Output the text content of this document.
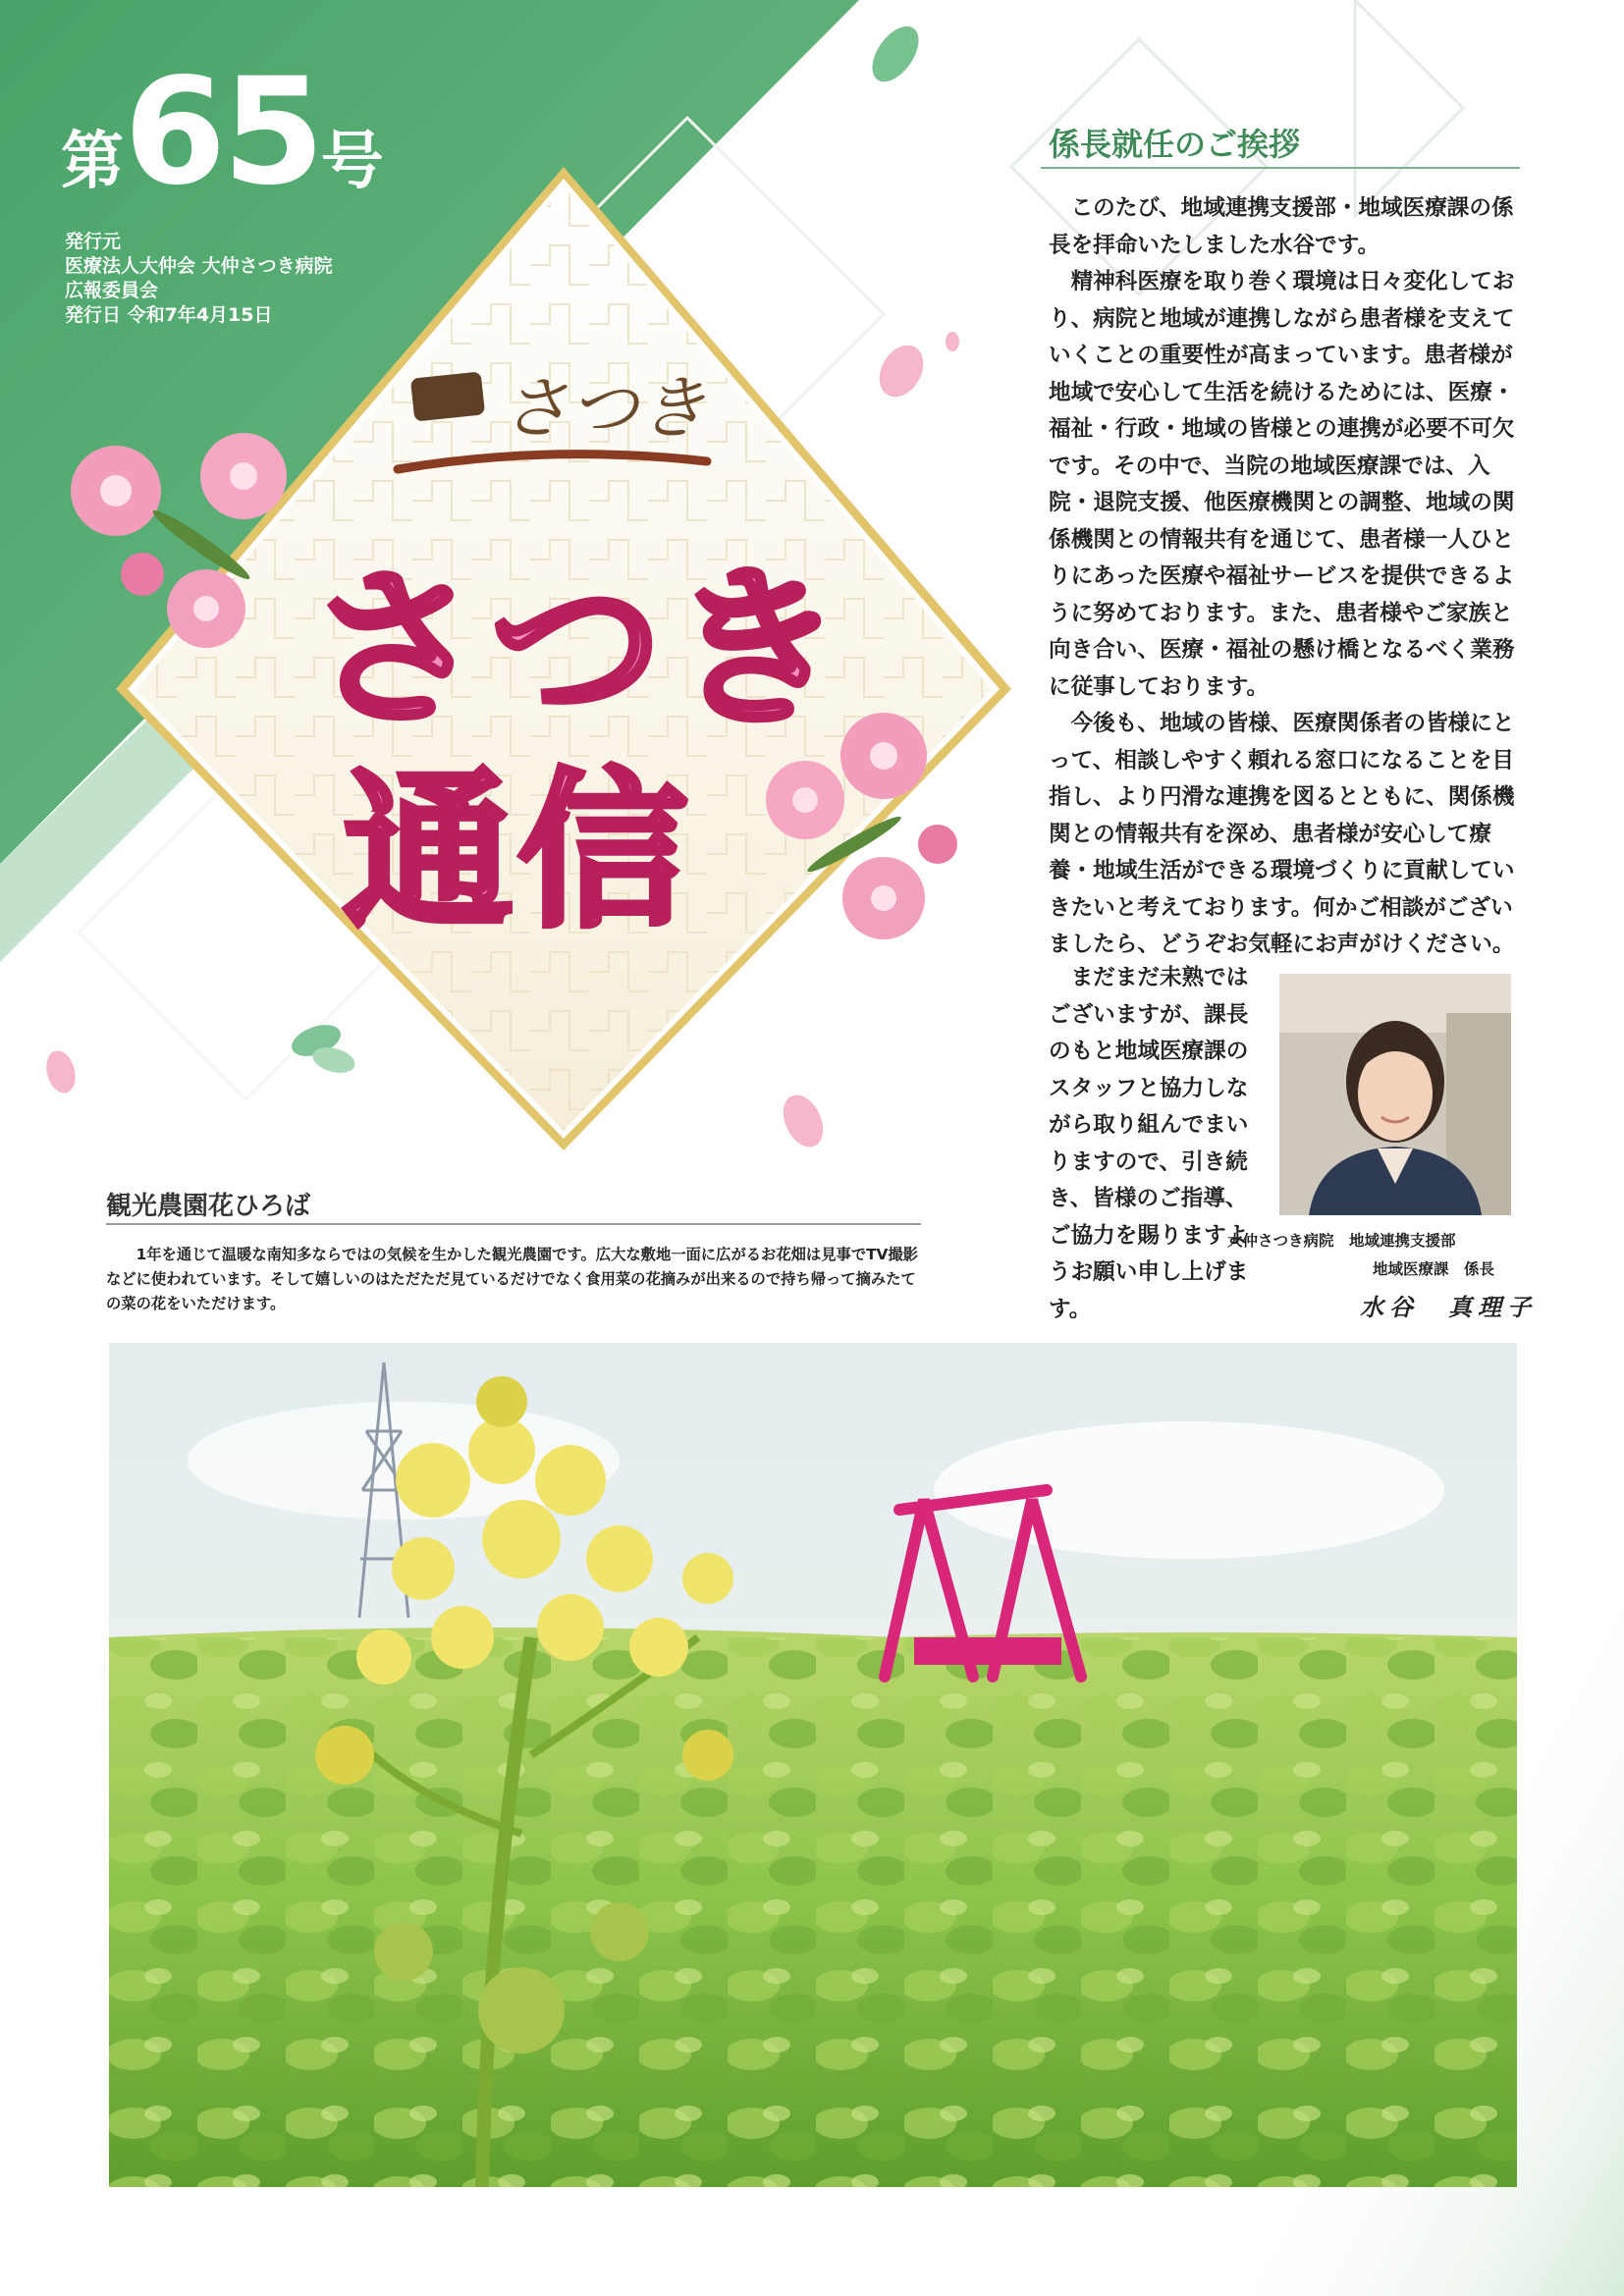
第65号
発行元
医療法人大仲会 大仲さつき病院
広報委員会
発行日 令和7年4月15日
さつき
さつき
通信
係長就任のご挨拶

このたび、地域連携支援部・地域医療課の係長を拝命いたしました水谷です。

精神科医療を取り巻く環境は日々変化しており、病院と地域が連携しながら患者様を支えていくことの重要性が高まっています。患者様が地域で安心して生活を続けるためには、医療・福祉・行政・地域の皆様との連携が必要不可欠です。その中で、当院の地域医療課では、入院・退院支援、他医療機関との調整、地域の関係機関との情報共有を通じて、患者様一人ひとりにあった医療や福祉サービスを提供できるように努めております。また、患者様やご家族と向き合い、医療・福祉の懸け橋となるべく業務に従事しております。

今後も、地域の皆様、医療関係者の皆様にとって、相談しやすく頼れる窓口になることを目指し、より円滑な連携を図るとともに、関係機関との情報共有を深め、患者様が安心して療養・地域生活ができる環境づくりに貢献していきたいと考えております。何かご相談がございましたら、どうぞお気軽にお声がけください。

まだまだ未熟ではございますが、課長のもと地域医療課のスタッフと協力しながら取り組んでまいりますので、引き続き、皆様のご指導、ご協力を賜りますようお願い申し上げます。

大仲さつき病院　地域連携支援部
地域医療課　係長
水谷　真理子
観光農園花ひろば

1年を通じて温暖な南知多ならではの気候を生かした観光農園です。広大な敷地一面に広がるお花畑は見事でTV撮影などに使われています。そして嬉しいのはただただ見ているだけでなく食用菜の花摘みが出来るので持ち帰って摘みたての菜の花をいただけます。
